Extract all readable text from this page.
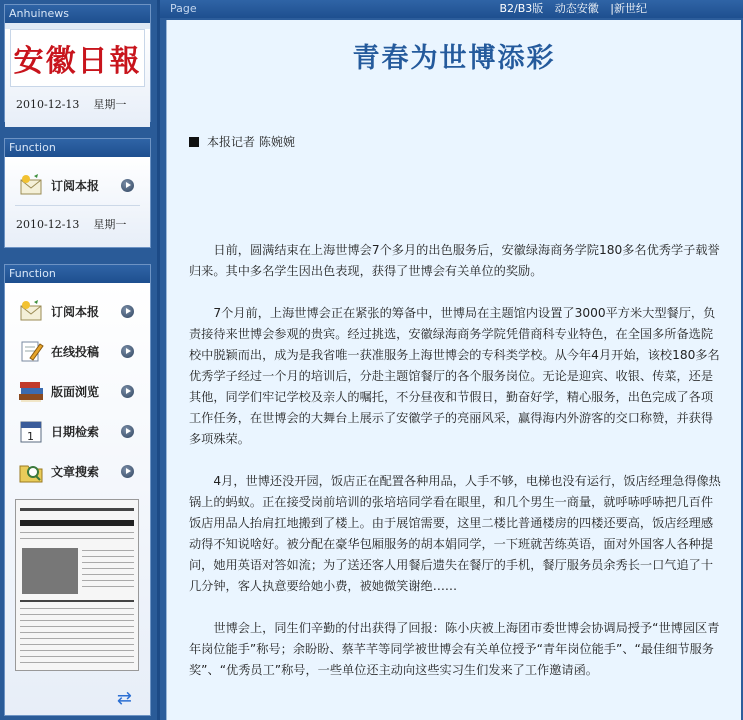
Anhuinews
安徽日報
2010-12-13 星期一
Function
订阅本报
2010-12-13 星期一
Function
订阅本报
在线投稿
版面浏览
1 日期检索
文章搜索
⇄
Page	B2/B3版 动态安徽 |新世纪
青春为世博添彩
本报记者 陈婉婉

日前，圆满结束在上海世博会7个多月的出色服务后，安徽绿海商务学院180多名优秀学子载誉归来。其中多名学生因出色表现，获得了世博会有关单位的奖励。

7个月前，上海世博会正在紧张的筹备中，世博局在主题馆内设置了3000平方米大型餐厅，负责接待来世博会参观的贵宾。经过挑选，安徽绿海商务学院凭借商科专业特色，在全国多所备选院校中脱颖而出，成为是我省唯一获准服务上海世博会的专科类学校。从今年4月开始，该校180多名优秀学子经过一个月的培训后，分赴主题馆餐厅的各个服务岗位。无论是迎宾、收银、传菜，还是其他，同学们牢记学校及亲人的嘱托，不分昼夜和节假日，勤奋好学，精心服务，出色完成了各项工作任务，在世博会的大舞台上展示了安徽学子的亮丽风采，赢得海内外游客的交口称赞，并获得多项殊荣。

4月，世博还没开园，饭店正在配置各种用品，人手不够，电梯也没有运行，饭店经理急得像热锅上的蚂蚁。正在接受岗前培训的张培培同学看在眼里，和几个男生一商量，就呼哧呼哧把几百件饭店用品人抬肩扛地搬到了楼上。由于展馆需要，这里二楼比普通楼房的四楼还要高，饭店经理感动得不知说啥好。被分配在豪华包厢服务的胡本娟同学，一下班就苦练英语，面对外国客人各种提问，她用英语对答如流；为了送还客人用餐后遗失在餐厅的手机，餐厅服务员余秀长一口气追了十几分钟，客人执意要给她小费，被她微笑谢绝……

世博会上，同生们辛勤的付出获得了回报：陈小庆被上海团市委世博会协调局授予“世博园区青年岗位能手”称号；余盼盼、蔡芊芊等同学被世博会有关单位授予“青年岗位能手”、“最佳细节服务奖”、“优秀员工”称号，一些单位还主动向这些实习生们发来了工作邀请函。
